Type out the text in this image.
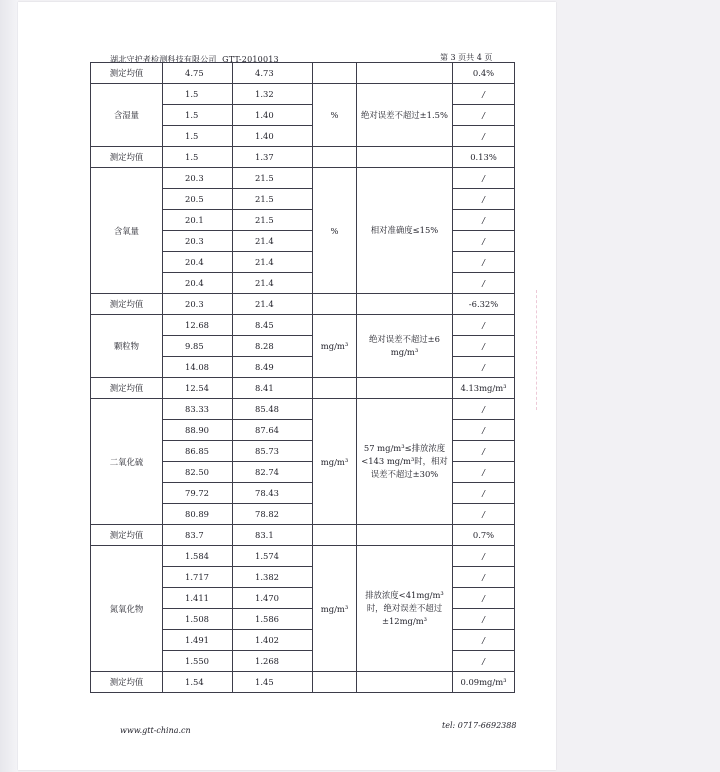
湖北守护者检测科技有限公司 GTT-2010013	第 3 页共 4 页
测定均值	4.75	4.73			0.4%
含湿量	1.5	1.32	%	绝对误差不超过±1.5%	/
	1.5	1.40			/
	1.5	1.40			/
测定均值	1.5	1.37			0.13%
含氧量	20.3	21.5	%	相对准确度≤15%	/
	20.5	21.5			/
	20.1	21.5			/
	20.3	21.4			/
	20.4	21.4			/
	20.4	21.4			/
测定均值	20.3	21.4			-6.32%
颗粒物	12.68	8.45	mg/m³	绝对误差不超过±6 mg/m³	/
	9.85	8.28			/
	14.08	8.49			/
测定均值	12.54	8.41			4.13mg/m³
二氧化硫	83.33	85.48	mg/m³	57 mg/m³≤排放浓度<143 mg/m³时，相对误差不超过±30%	/
	88.90	87.64			/
	86.85	85.73			/
	82.50	82.74			/
	79.72	78.43			/
	80.89	78.82			/
测定均值	83.7	83.1			0.7%
氮氧化物	1.584	1.574	mg/m³	排放浓度<41mg/m³时，绝对误差不超过±12mg/m³	/
	1.717	1.382			/
	1.411	1.470			/
	1.508	1.586			/
	1.491	1.402			/
	1.550	1.268			/
测定均值	1.54	1.45			0.09mg/m³
www.gtt-china.cn
tel: 0717-6692388
